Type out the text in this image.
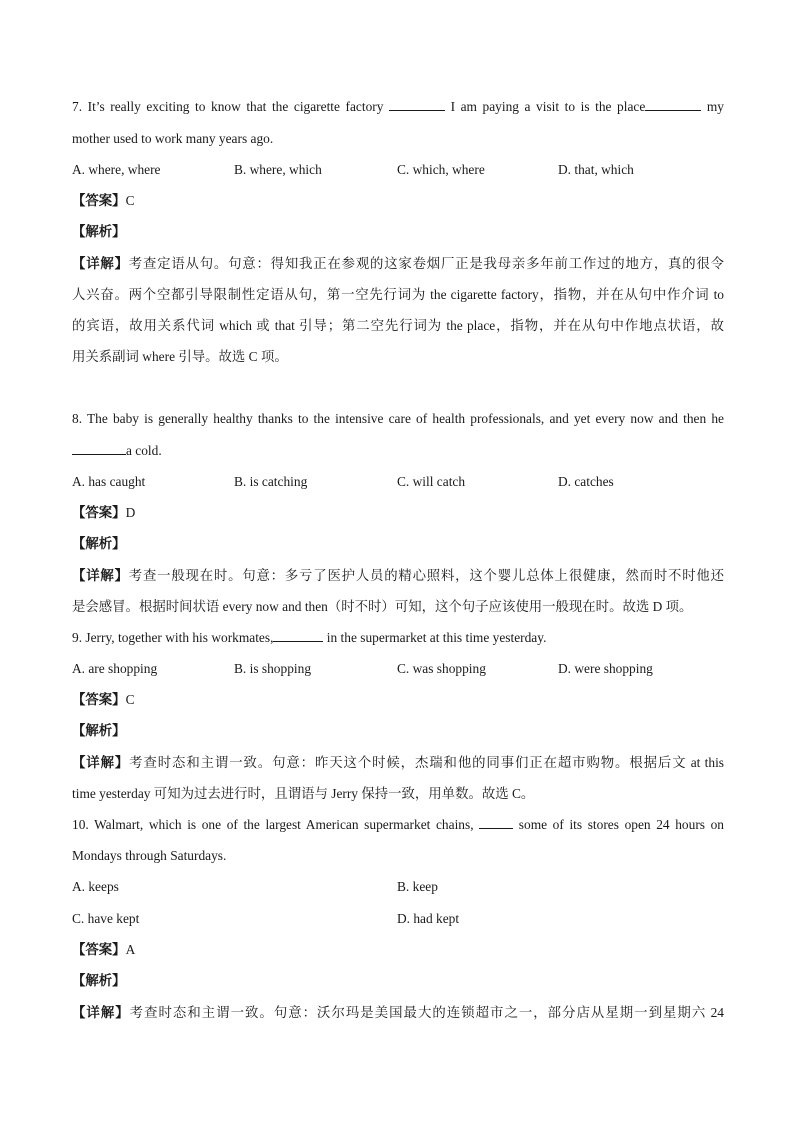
7. It’s really exciting to know that the cigarette factory	I am paying a visit to is the place	my
mother used to work many years ago.
A. where, where	B. where, which	C. which, where	D. that, which
【答案】C
【解析】
【详解】考查定语从句。句意：得知我正在参观的这家卷烟厂正是我母亲多年前工作过的地方，真的很令
人兴奋。两个空都引导限制性定语从句，第一空先行词为 the cigarette factory，指物，并在从句中作介词 to
的宾语，故用关系代词 which 或 that 引导；第二空先行词为 the place，指物，并在从句中作地点状语，故
用关系副词 where 引导。故选 C 项。
8. The baby is generally healthy thanks to the intensive care of health professionals, and yet every now and then he
a cold.
A. has caught	B. is catching	C. will catch	D. catches
【答案】D
【解析】
【详解】考查一般现在时。句意：多亏了医护人员的精心照料，这个婴儿总体上很健康，然而时不时他还
是会感冒。根据时间状语 every now and then（时不时）可知，这个句子应该使用一般现在时。故选 D 项。
9. Jerry, together with his workmates,	in the supermarket at this time yesterday.
A. are shopping	B. is shopping	C. was shopping	D. were shopping
【答案】C
【解析】
【详解】考查时态和主谓一致。句意：昨天这个时候，杰瑞和他的同事们正在超市购物。根据后文 at this
time yesterday 可知为过去进行时，且谓语与 Jerry 保持一致，用单数。故选 C。
10. Walmart, which is one of the largest American supermarket chains,	some of its stores open 24 hours on
Mondays through Saturdays.
A. keeps	B. keep
C. have kept	D. had kept
【答案】A
【解析】
【详解】考查时态和主谓一致。句意：沃尔玛是美国最大的连锁超市之一，部分店从星期一到星期六 24
